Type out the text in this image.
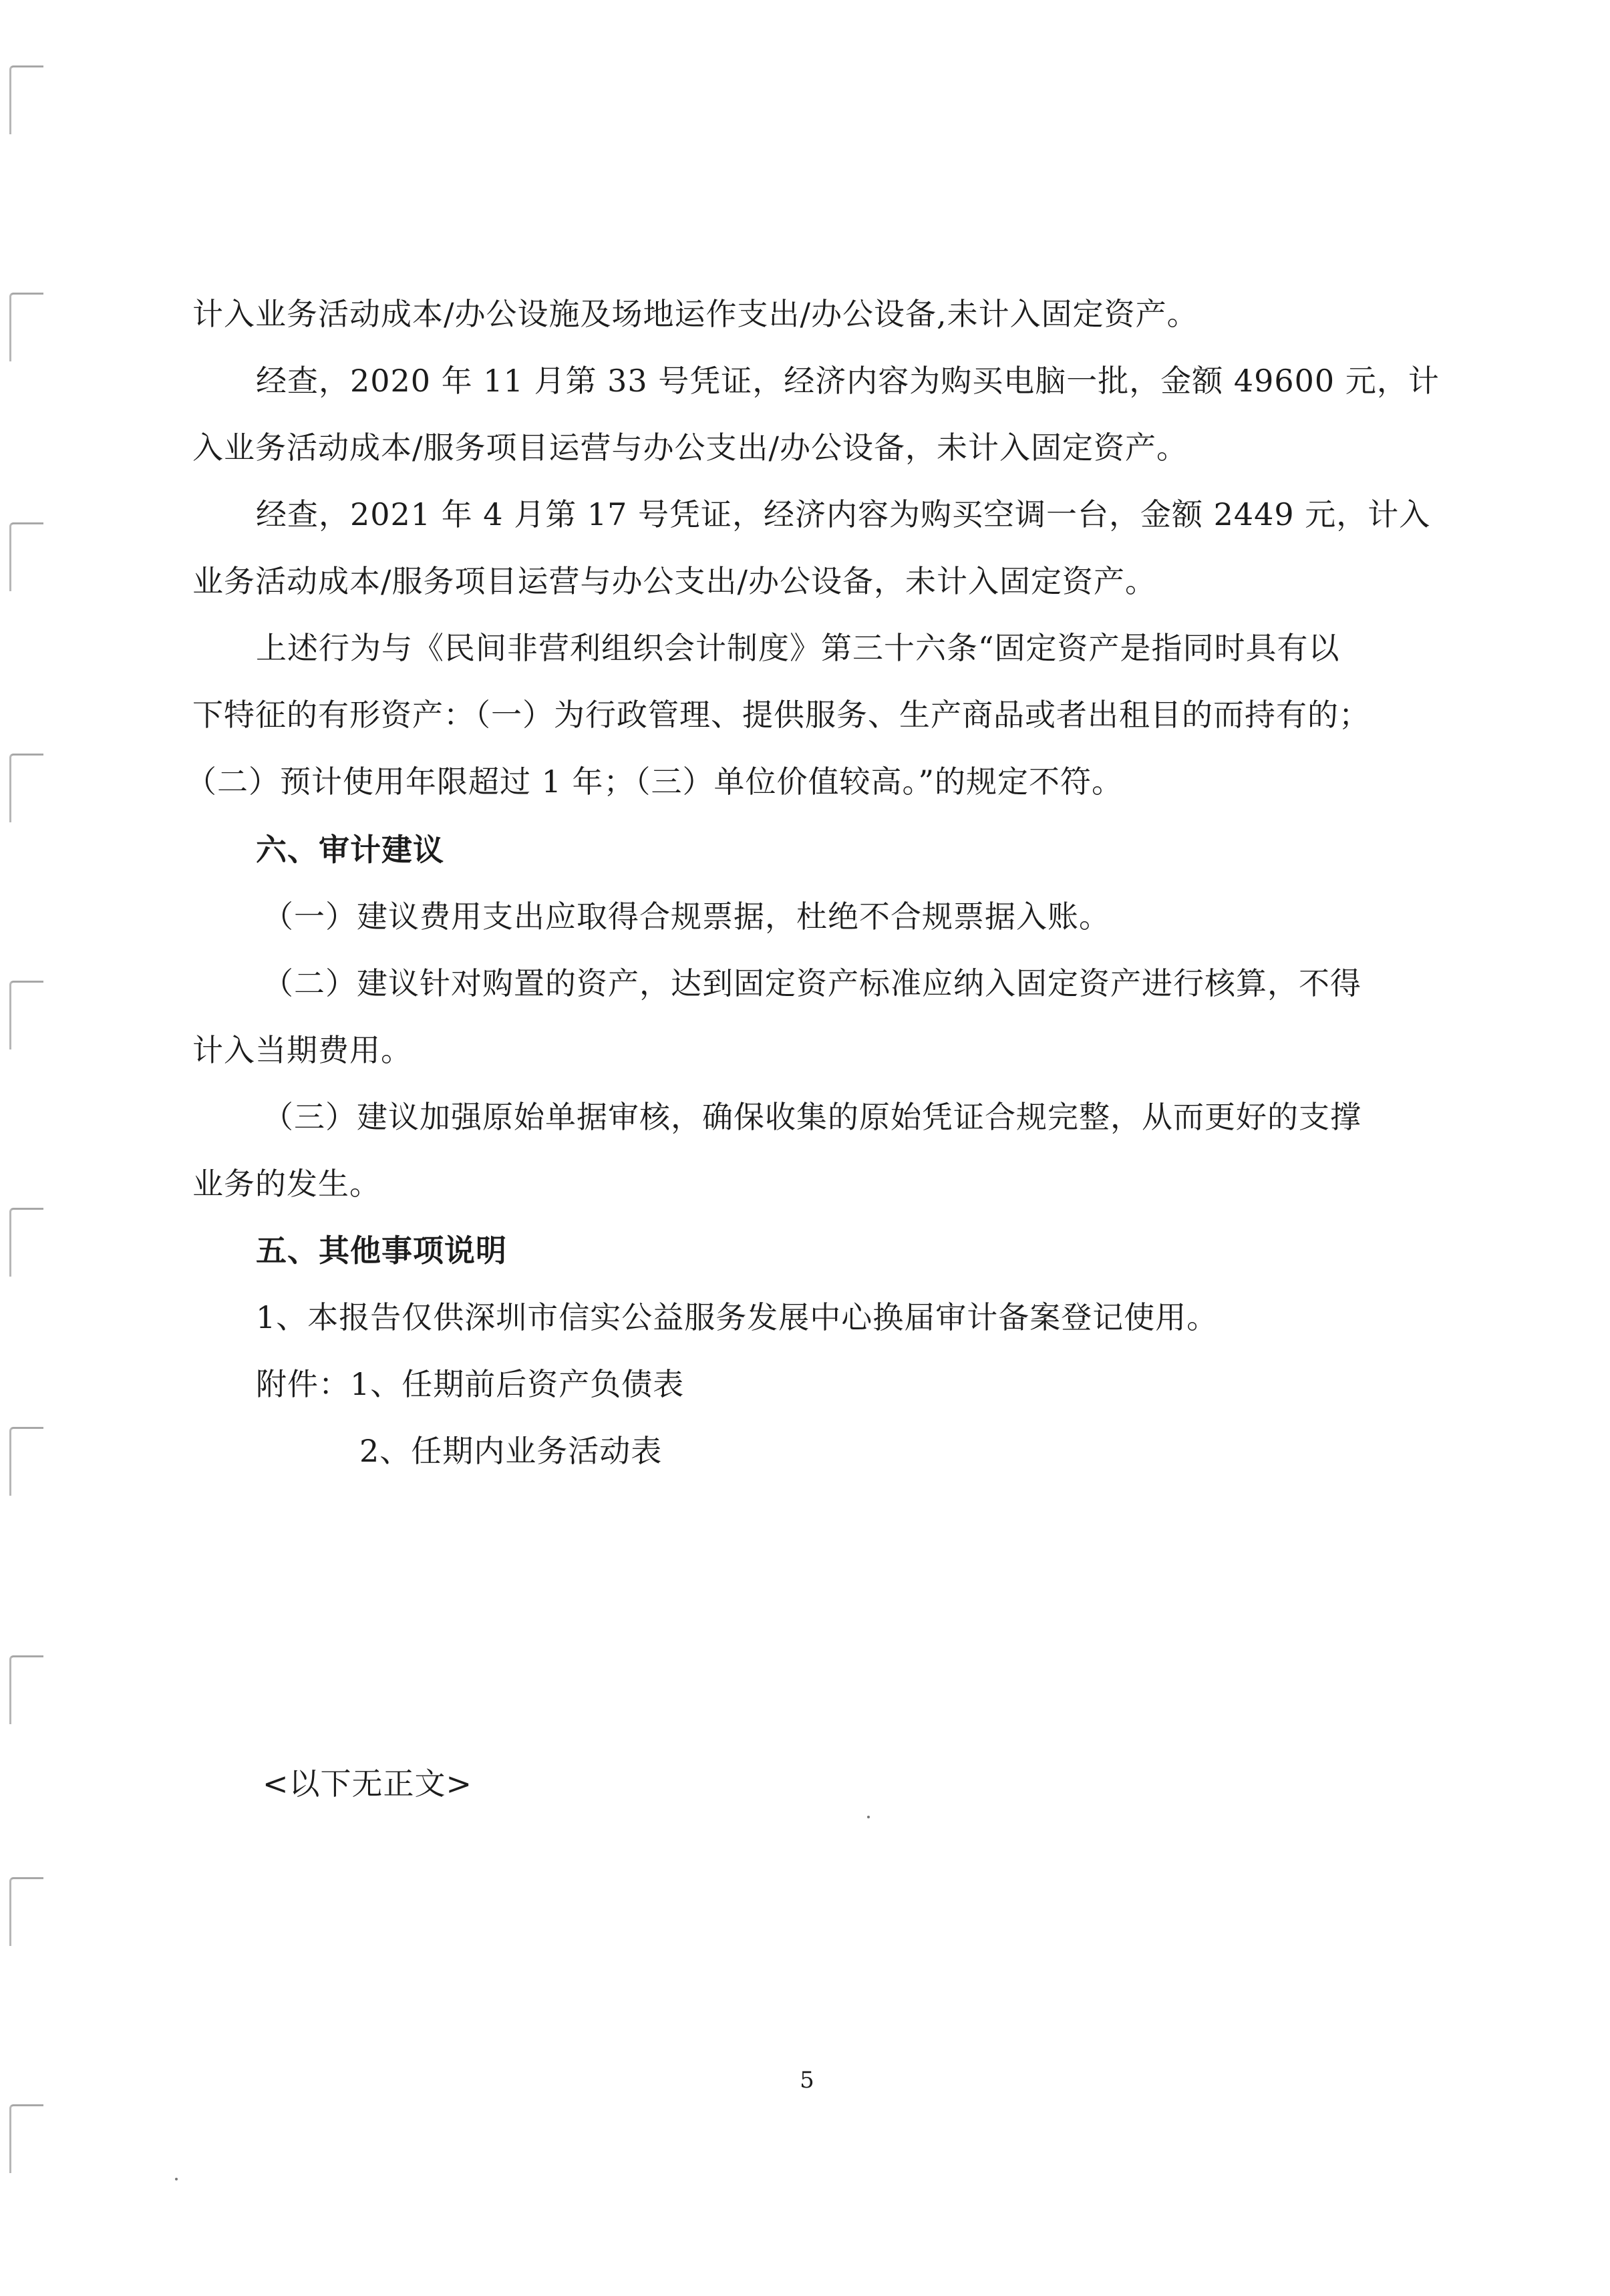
计入业务活动成本/办公设施及场地运作支出/办公设备,未计入固定资产。
经查，2020 年 11 月第 33 号凭证，经济内容为购买电脑一批，金额 49600 元，计
入业务活动成本/服务项目运营与办公支出/办公设备，未计入固定资产。
经查，2021 年 4 月第 17 号凭证，经济内容为购买空调一台，金额 2449 元，计入
业务活动成本/服务项目运营与办公支出/办公设备，未计入固定资产。
上述行为与《民间非营利组织会计制度》第三十六条“固定资产是指同时具有以
下特征的有形资产：（一）为行政管理、提供服务、生产商品或者出租目的而持有的；
（二）预计使用年限超过 1 年；（三）单位价值较高。”的规定不符。
六、审计建议
（一）建议费用支出应取得合规票据，杜绝不合规票据入账。
（二）建议针对购置的资产，达到固定资产标准应纳入固定资产进行核算，不得
计入当期费用。
（三）建议加强原始单据审核，确保收集的原始凭证合规完整，从而更好的支撑
业务的发生。
五、其他事项说明
1、本报告仅供深圳市信实公益服务发展中心换届审计备案登记使用。
附件：1、任期前后资产负债表
2、任期内业务活动表
<以下无正文>
5
